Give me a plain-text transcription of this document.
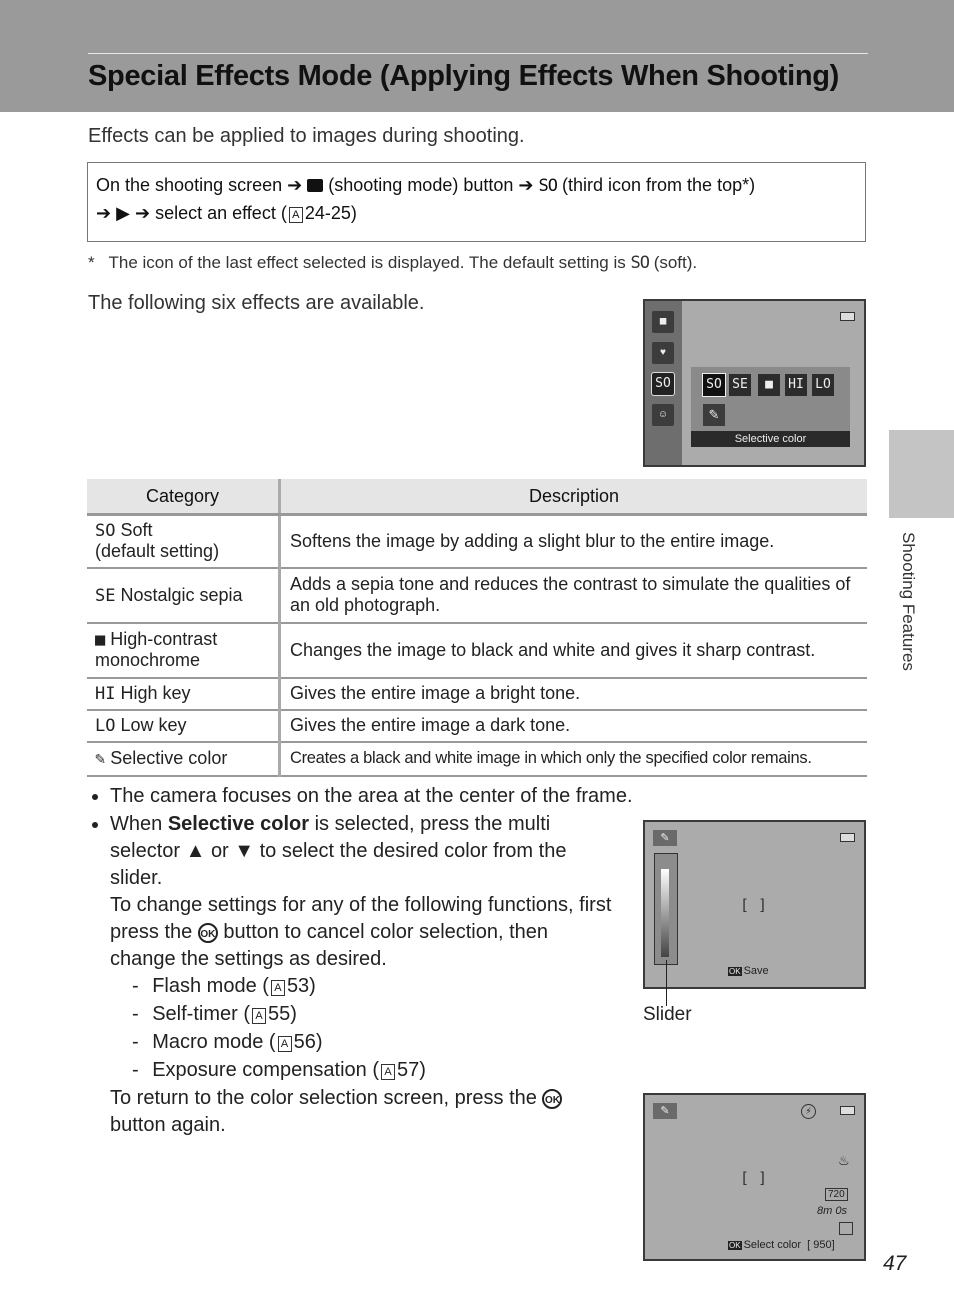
Special Effects Mode (Applying Effects When Shooting)
Effects can be applied to images during shooting.
On the shooting screen ➔ (shooting mode) button ➔ SO (third icon from the top*)
➔ ▶ ➔ select an effect ( A 24-25)
* The icon of the last effect selected is displayed. The default setting is SO (soft).
The following six effects are available.
◼
♥
SO
☺
SO SE	■	HI LO
✎
Selective color
Category	Description
SO Soft
(default setting)	Softens the image by adding a slight blur to the entire image.
SE Nostalgic sepia	Adds a sepia tone and reduces the contrast to simulate the qualities of an old photograph.
■ High-contrast
monochrome	Changes the image to black and white and gives it sharp contrast.
HI High key	Gives the entire image a bright tone.
LO Low key	Gives the entire image a dark tone.
✎ Selective color	Creates a black and white image in which only the specified color remains.
• The camera focuses on the area at the center of the frame.
• When Selective color is selected, press the multi selector ▲ or ▼ to select the desired color from the slider.
To change settings for any of the following functions, first press the OK button to cancel color selection, then change the settings as desired.
- Flash mode ( A 53)
- Self-timer ( A 55)
- Macro mode ( A 56)
- Exposure compensation ( A 57)
To return to the color selection screen, press the OK button again.
✎
[ ]
OK Save
Slider
✎	⚡
[ ]
♨
720
8m 0s
OK Select color [ 950]
Shooting Features
47
